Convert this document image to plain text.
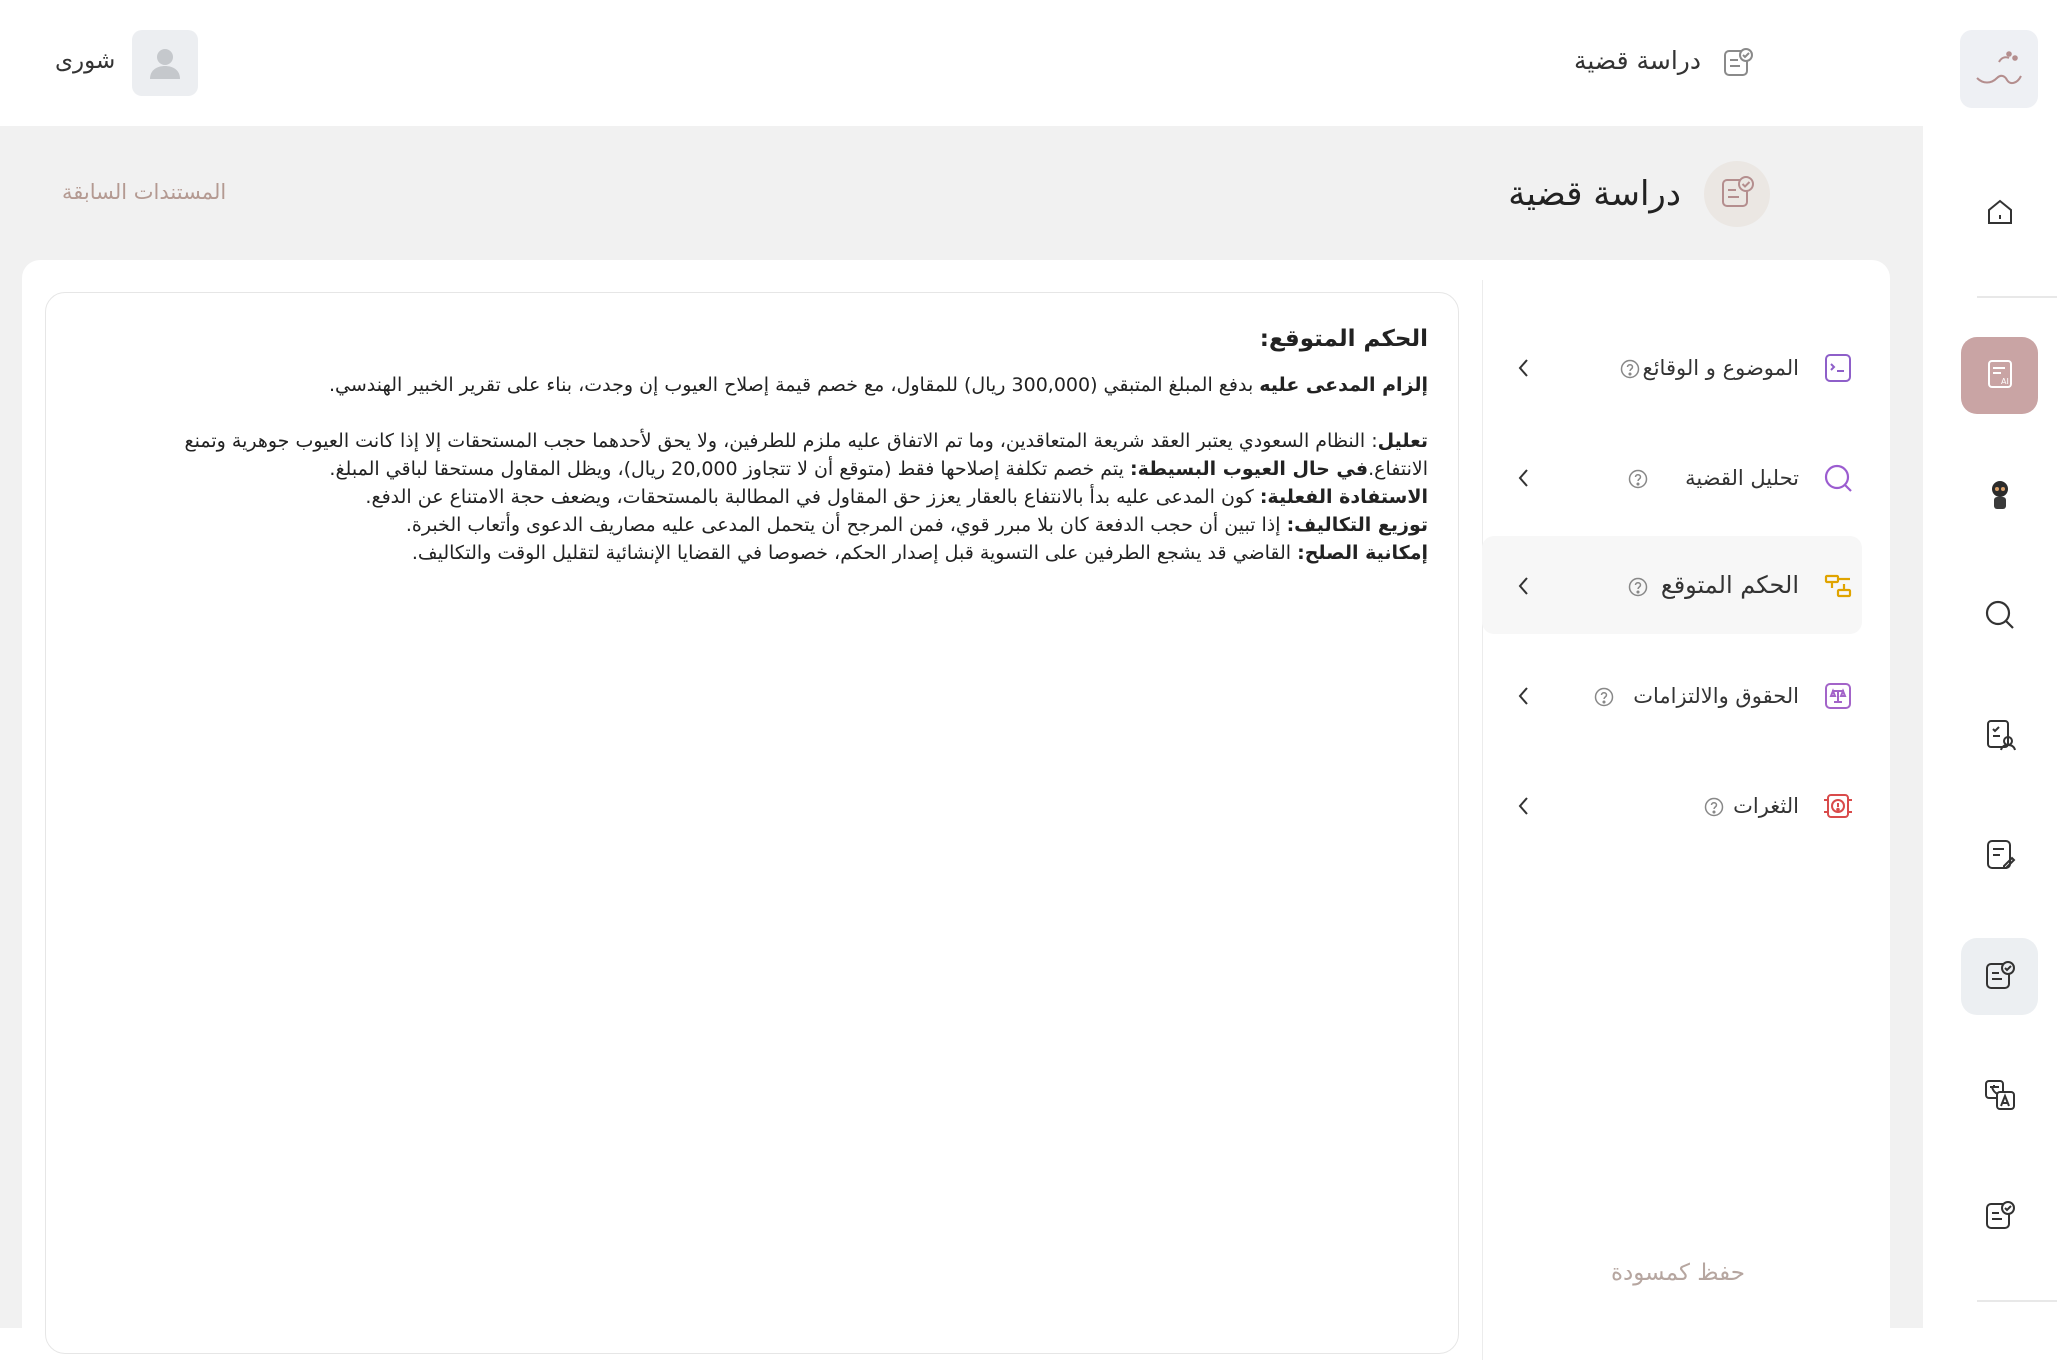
دراسة قضية
شورى
AI
دراسة قضية
المستندات السابقة
الحكم المتوقع:

إلزام المدعى عليه بدفع المبلغ المتبقي (300,000 ريال) للمقاول، مع خصم قيمة إصلاح العيوب إن وجدت، بناء على تقرير الخبير الهندسي.

تعليل: النظام السعودي يعتبر العقد شريعة المتعاقدين، وما تم الاتفاق عليه ملزم للطرفين، ولا يحق لأحدهما حجب المستحقات إلا إذا كانت العيوب جوهرية وتمنع الانتفاع.في حال العيوب البسيطة: يتم خصم تكلفة إصلاحها فقط (متوقع أن لا تتجاوز 20,000 ريال)، ويظل المقاول مستحقا لباقي المبلغ.
الاستفادة الفعلية: كون المدعى عليه بدأ بالانتفاع بالعقار يعزز حق المقاول في المطالبة بالمستحقات، ويضعف حجة الامتناع عن الدفع.
توزيع التكاليف: إذا تبين أن حجب الدفعة كان بلا مبرر قوي، فمن المرجح أن يتحمل المدعى عليه مصاريف الدعوى وأتعاب الخبرة.
إمكانية الصلح: القاضي قد يشجع الطرفين على التسوية قبل إصدار الحكم، خصوصا في القضايا الإنشائية لتقليل الوقت والتكاليف.

الموضوع و الوقائع
تحليل القضية
الحكم المتوقع
الحقوق والالتزامات
الثغرات
حفظ كمسودة
